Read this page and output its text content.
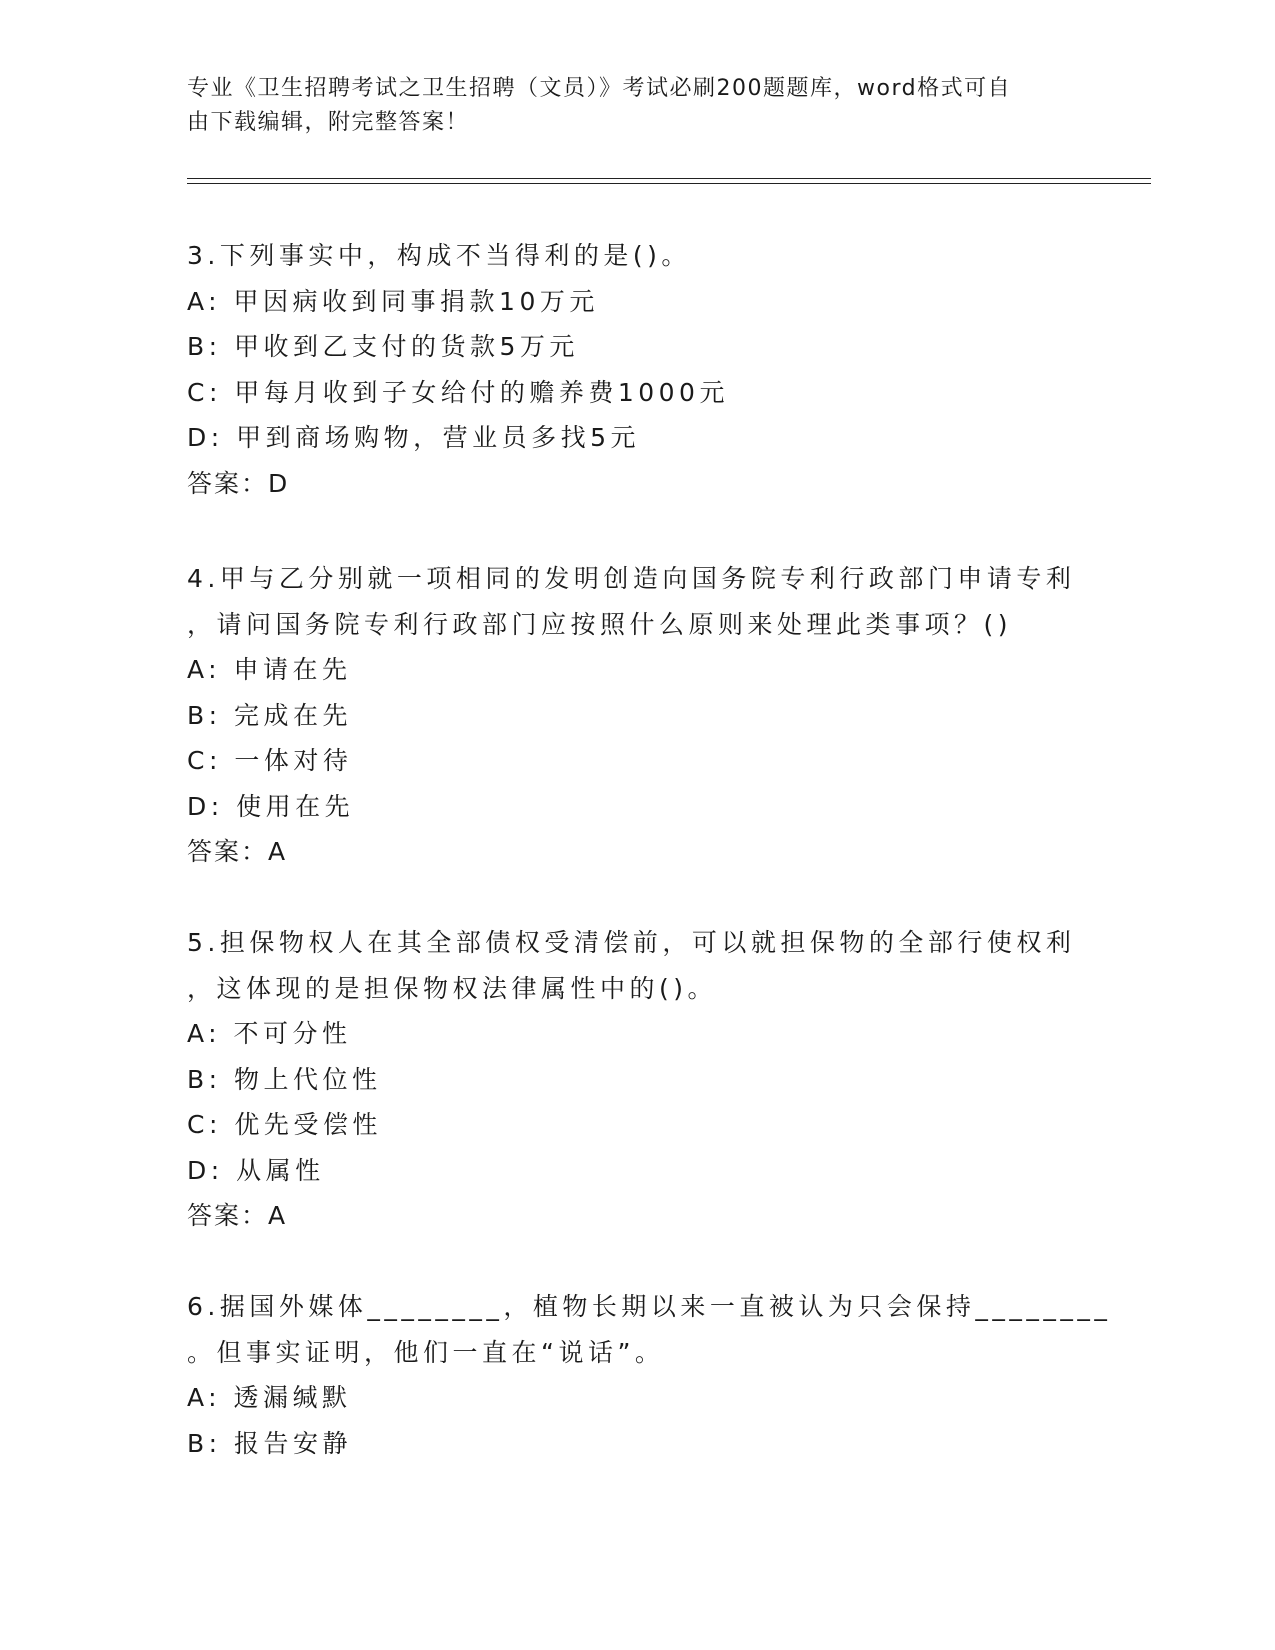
专业《卫生招聘考试之卫生招聘（文员）》考试必刷200题题库，word格式可自
由下载编辑，附完整答案！
3.下列事实中，构成不当得利的是()。
A: 甲因病收到同事捐款10万元
B: 甲收到乙支付的货款5万元
C: 甲每月收到子女给付的赡养费1000元
D: 甲到商场购物，营业员多找5元
答案：D
4.甲与乙分别就一项相同的发明创造向国务院专利行政部门申请专利
，请问国务院专利行政部门应按照什么原则来处理此类事项？()
A: 申请在先
B: 完成在先
C: 一体对待
D: 使用在先
答案：A
5.担保物权人在其全部债权受清偿前，可以就担保物的全部行使权利
，这体现的是担保物权法律属性中的()。
A: 不可分性
B: 物上代位性
C: 优先受偿性
D: 从属性
答案：A
6.据国外媒体________，植物长期以来一直被认为只会保持________
。但事实证明，他们一直在“说话”。
A: 透漏缄默
B: 报告安静
